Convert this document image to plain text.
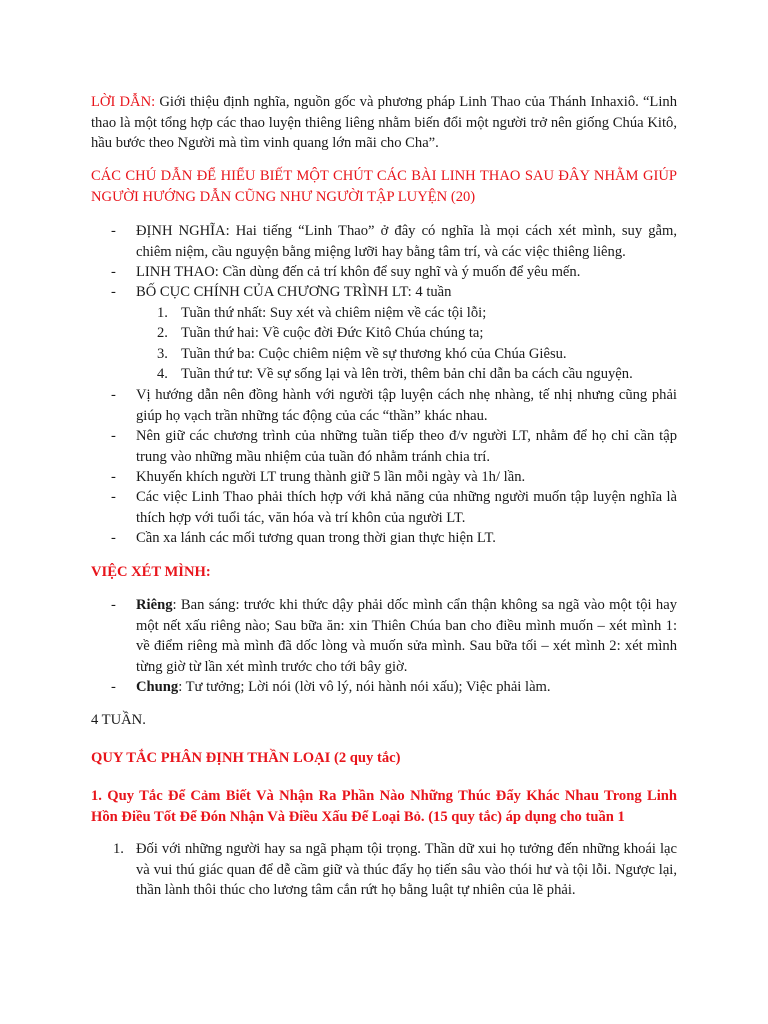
LỜI DẪN: Giới thiệu định nghĩa, nguồn gốc và phương pháp Linh Thao của Thánh Inhaxiô. “Linh thao là một tổng hợp các thao luyện thiêng liêng nhằm biến đổi một người trở nên giống Chúa Kitô, hầu bước theo Người mà tìm vinh quang lớn mãi cho Cha”.
CÁC CHÚ DẪN ĐỂ HIỂU BIẾT MỘT CHÚT CÁC BÀI LINH THAO SAU ĐÂY NHẰM GIÚP NGƯỜI HƯỚNG DẪN CŨNG NHƯ NGƯỜI TẬP LUYỆN (20)
- ĐỊNH NGHĨA: Hai tiếng “Linh Thao” ở đây có nghĩa là mọi cách xét mình, suy gẫm, chiêm niệm, cầu nguyện bằng miệng lưỡi hay bằng tâm trí, và các việc thiêng liêng.
- LINH THAO: Cần dùng đến cả trí khôn để suy nghĩ và ý muốn để yêu mến.
- BỐ CỤC CHÍNH CỦA CHƯƠNG TRÌNH LT: 4 tuần
1. Tuần thứ nhất: Suy xét và chiêm niệm về các tội lỗi;
2. Tuần thứ hai: Về cuộc đời Đức Kitô Chúa chúng ta;
3. Tuần thứ ba: Cuộc chiêm niệm về sự thương khó của Chúa Giêsu.
4. Tuần thứ tư: Về sự sống lại và lên trời, thêm bản chỉ dẫn ba cách cầu nguyện.
- Vị hướng dẫn nên đồng hành với người tập luyện cách nhẹ nhàng, tế nhị nhưng cũng phải giúp họ vạch trần những tác động của các “thần” khác nhau.
- Nên giữ các chương trình của những tuần tiếp theo đ/v người LT, nhằm để họ chỉ cần tập trung vào những mầu nhiệm của tuần đó nhằm tránh chia trí.
- Khuyến khích người LT trung thành giữ 5 lần mỗi ngày và 1h/ lần.
- Các việc Linh Thao phải thích hợp với khả năng của những người muốn tập luyện nghĩa là thích hợp với tuổi tác, văn hóa và trí khôn của người LT.
- Cần xa lánh các mối tương quan trong thời gian thực hiện LT.
VIỆC XÉT MÌNH:
- Riêng: Ban sáng: trước khi thức dậy phải dốc mình cẩn thận không sa ngã vào một tội hay một nết xấu riêng nào; Sau bữa ăn: xin Thiên Chúa ban cho điều mình muốn – xét mình 1: về điểm riêng mà mình đã dốc lòng và muốn sửa mình. Sau bữa tối – xét mình 2: xét mình từng giờ từ lần xét mình trước cho tới bây giờ.
- Chung: Tư tưởng; Lời nói (lời vô lý, nói hành nói xấu); Việc phải làm.
4 TUẦN.
QUY TẮC PHÂN ĐỊNH THẦN LOẠI (2 quy tắc)
1. Quy Tắc Để Cảm Biết Và Nhận Ra Phần Nào Những Thúc Đẩy Khác Nhau Trong Linh Hồn Điều Tốt Để Đón Nhận Và Điều Xấu Để Loại Bỏ. (15 quy tắc) áp dụng cho tuần 1
1. Đối với những người hay sa ngã phạm tội trọng. Thần dữ xui họ tưởng đến những khoái lạc và vui thú giác quan để dễ cầm giữ và thúc đẩy họ tiến sâu vào thói hư và tội lỗi. Ngược lại, thần lành thôi thúc cho lương tâm cắn rứt họ bằng luật tự nhiên của lẽ phải.
